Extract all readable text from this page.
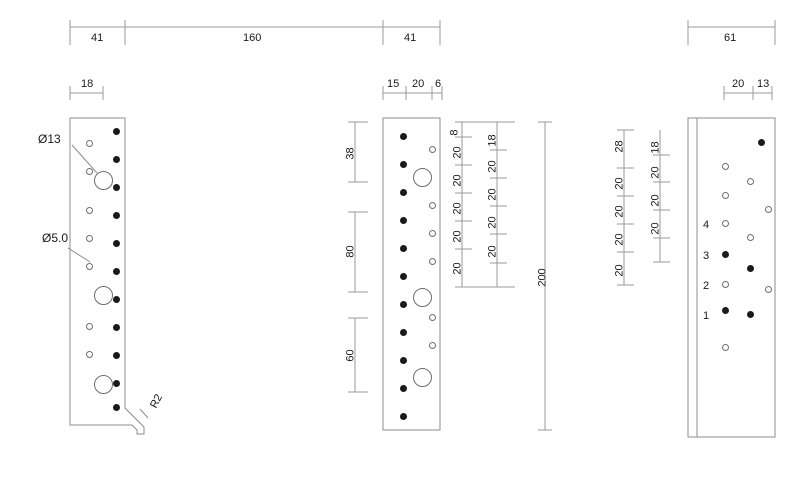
41	160	41
18	15 20 6
61
20 13
Ø13
Ø5.0
R2
38
80
60
8
20
20
20
20
20
18
20
20
20
20
200
28
20
20
20
20
18
20
20
20	4
3
2
1
